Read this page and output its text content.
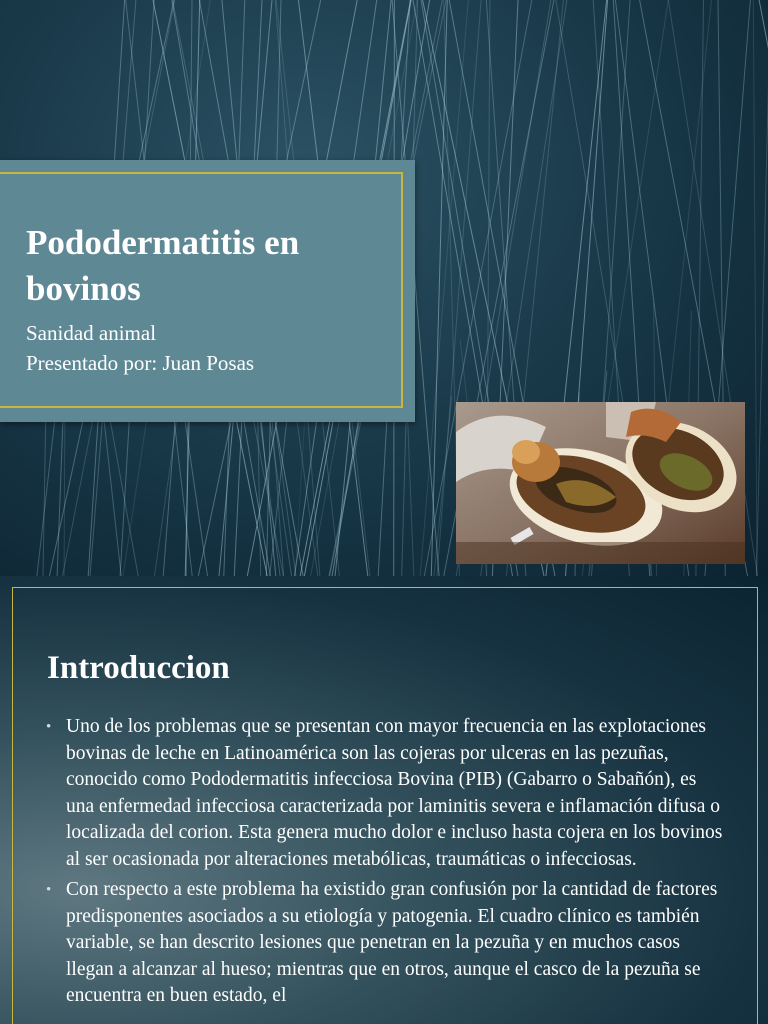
Pododermatitis en bovinos
Sanidad animal
Presentado por: Juan Posas
Introduccion
• Uno de los problemas que se presentan con mayor frecuencia en las explotaciones bovinas de leche en Latinoamérica son las cojeras por ulceras en las pezuñas, conocido como Pododermatitis infecciosa Bovina (PIB) (Gabarro o Sabañón), es una enfermedad infecciosa caracterizada por laminitis severa e inflamación difusa o localizada del corion. Esta genera mucho dolor e incluso hasta cojera en los bovinos al ser ocasionada por alteraciones metabólicas, traumáticas o infecciosas.
• Con respecto a este problema ha existido gran confusión por la cantidad de factores predisponentes asociados a su etiología y patogenia. El cuadro clínico es también variable, se han descrito lesiones que penetran en la pezuña y en muchos casos llegan a alcanzar al hueso; mientras que en otros, aunque el casco de la pezuña se encuentra en buen estado, el
